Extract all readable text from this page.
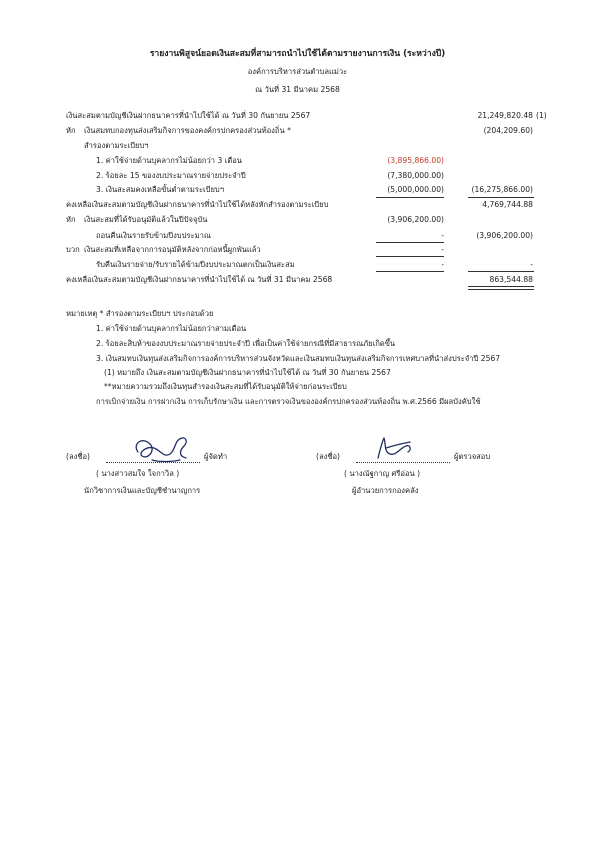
รายงานพิสูจน์ยอดเงินสะสมที่สามารถนำไปใช้ได้ตามรายงานการเงิน (ระหว่างปี)
องค์การบริหารส่วนตำบลแม่วะ
ณ วันที่ 31 มีนาคม 2568
เงินสะสมตามบัญชีเงินฝากธนาคารที่นำไปใช้ได้ ณ วันที่ 30 กันยายน 2567	21,249,820.48 (1)
หัก เงินสมทบกองทุนส่งเสริมกิจการของคงค์กรปกครองส่วนท้องถิ่น *	(204,209.60)
สำรองตามระเบียบฯ
1. ค่าใช้จ่ายด้านบุคลากรไม่น้อยกว่า 3 เดือน	(3,895,866.00)
2. ร้อยละ 15 ของงบประมาณรายจ่ายประจำปี	(7,380,000.00)
3. เงินสะสมคงเหลือขั้นต่ำตามระเบียบฯ	(5,000,000.00)	(16,275,866.00)
คงเหลือเงินสะสมตามบัญชีเงินฝากธนาคารที่นำไปใช้ได้หลังหักสำรองตามระเบียบ	4,769,744.88
หัก เงินสะสมที่ได้รับอนุมัติแล้วในปีปัจจุบัน	(3,906,200.00)
ถอนคืนเงินรายรับข้ามปีงบประมาณ	-	(3,906,200.00)
บวก เงินสะสมที่เหลือจากการอนุมัติหลังจากก่อหนี้ผูกพันแล้ว	-
รับคืนเงินรายจ่าย/รับรายได้ข้ามปีงบประมาณตกเป็นเงินสะสม	-	-
คงเหลือเงินสะสมตามบัญชีเงินฝากธนาคารที่นำไปใช้ได้ ณ วันที่ 31 มีนาคม 2568	863,544.88
หมายเหตุ * สำรองตามระเบียบฯ ประกอบด้วย
1. ค่าใช้จ่ายด้านบุคลากรไม่น้อยกว่าสามเดือน
2. ร้อยละสิบห้าของงบประมาณรายจ่ายประจำปี เพื่อเป็นค่าใช้จ่ายกรณีที่มีสาธารณภัยเกิดขึ้น
3. เงินสมทบเงินทุนส่งเสริมกิจการองค์การบริหารส่วนจังหวัดและเงินสมทบเงินทุนส่งเสริมกิจการเทศบาลที่นำส่งประจำปี 2567
(1) หมายถึง เงินสะสมตามบัญชีเงินฝากธนาคารที่นำไปใช้ได้ ณ วันที่ 30 กันยายน 2567
**หมายความรวมถึงเงินทุนสำรองเงินสะสมที่ได้รับอนุมัติให้จ่ายก่อนระเบียบ
การเบิกจ่ายเงิน การฝากเงิน การเก็บรักษาเงิน และการตรวจเงินขององค์กรปกครองส่วนท้องถิ่น พ.ศ.2566 มีผลบังคับใช้
(ลงชื่อ)	ผู้จัดทำ
( นางสาวสมใจ ใจกาวิล )
นักวิชาการเงินและบัญชีชำนาญการ
(ลงชื่อ)	ผู้ตรวจสอบ
( นางณัฐกาญ ศรีอ่อน )
ผู้อำนวยการกองคลัง
